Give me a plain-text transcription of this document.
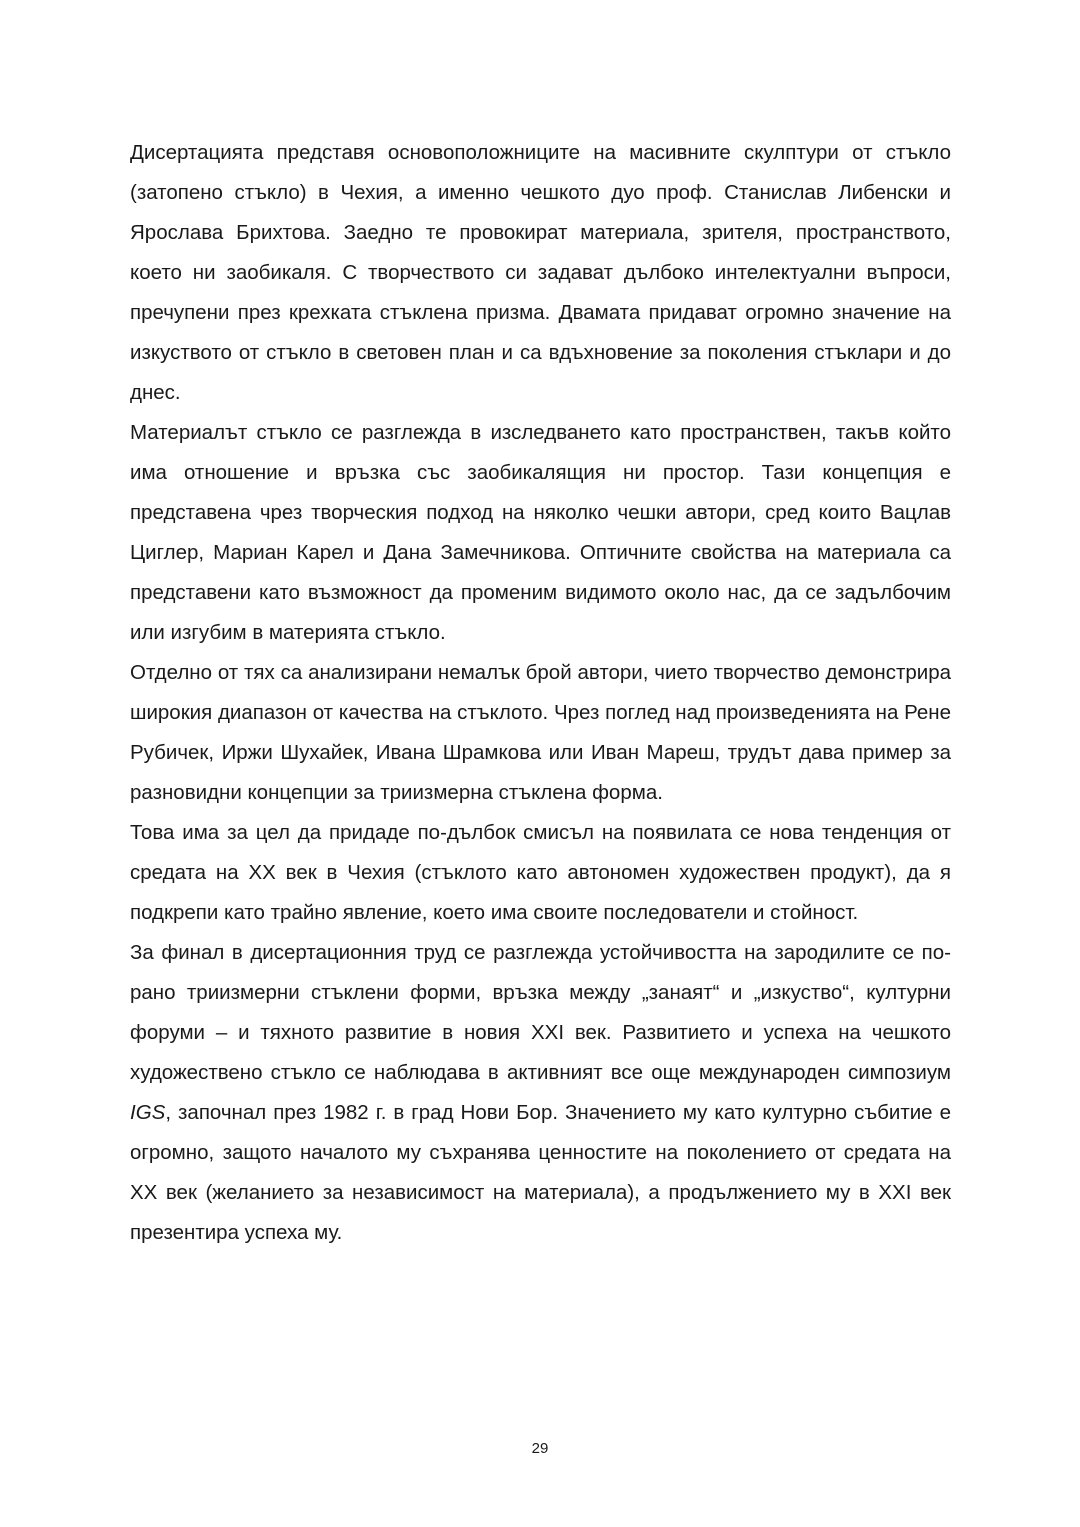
Дисертацията представя основоположниците на масивните скулптури от стъкло (затопено стъкло) в Чехия, а именно чешкото дуо проф. Станислав Либенски и Ярослава Брихтова. Заедно те провокират материала, зрителя, пространството, което ни заобикаля. С творчеството си задават дълбоко интелектуални въпроси, пречупени през крехката стъклена призма. Двамата придават огромно значение на изкуството от стъкло в световен план и са вдъхновение за поколения стъклари и до днес.

Материалът стъкло се разглежда в изследването като пространствен, такъв който има отношение и връзка със заобикалящия ни простор. Тази концепция е представена чрез творческия подход на няколко чешки автори, сред които Вацлав Циглер, Мариан Карел и Дана Замечникова. Оптичните свойства на материала са представени като възможност да променим видимото около нас, да се задълбочим или изгубим в материята стъкло.

Отделно от тях са анализирани немалък брой автори, чието творчество демонстрира широкия диапазон от качества на стъклото. Чрез поглед над произведенията на Рене Рубичек, Иржи Шухайек, Ивана Шрамкова или Иван Мареш, трудът дава пример за разновидни концепции за триизмерна стъклена форма.

Това има за цел да придаде по-дълбок смисъл на появилата се нова тенденция от средата на XX век в Чехия (стъклото като автономен художествен продукт), да я подкрепи като трайно явление, което има своите последователи и стойност.

За финал в дисертационния труд се разглежда устойчивостта на зародилите се по-рано триизмерни стъклени форми, връзка между „занаят“ и „изкуство“, културни форуми – и тяхното развитие в новия XXI век. Развитието и успеха на чешкото художествено стъкло се наблюдава в активният все още международен симпозиум IGS, започнал през 1982 г. в град Нови Бор. Значението му като културно събитие е огромно, защото началото му съхранява ценностите на поколението от средата на XX век (желанието за независимост на материала), а продължението му в XXI век презентира успеха му.

29
